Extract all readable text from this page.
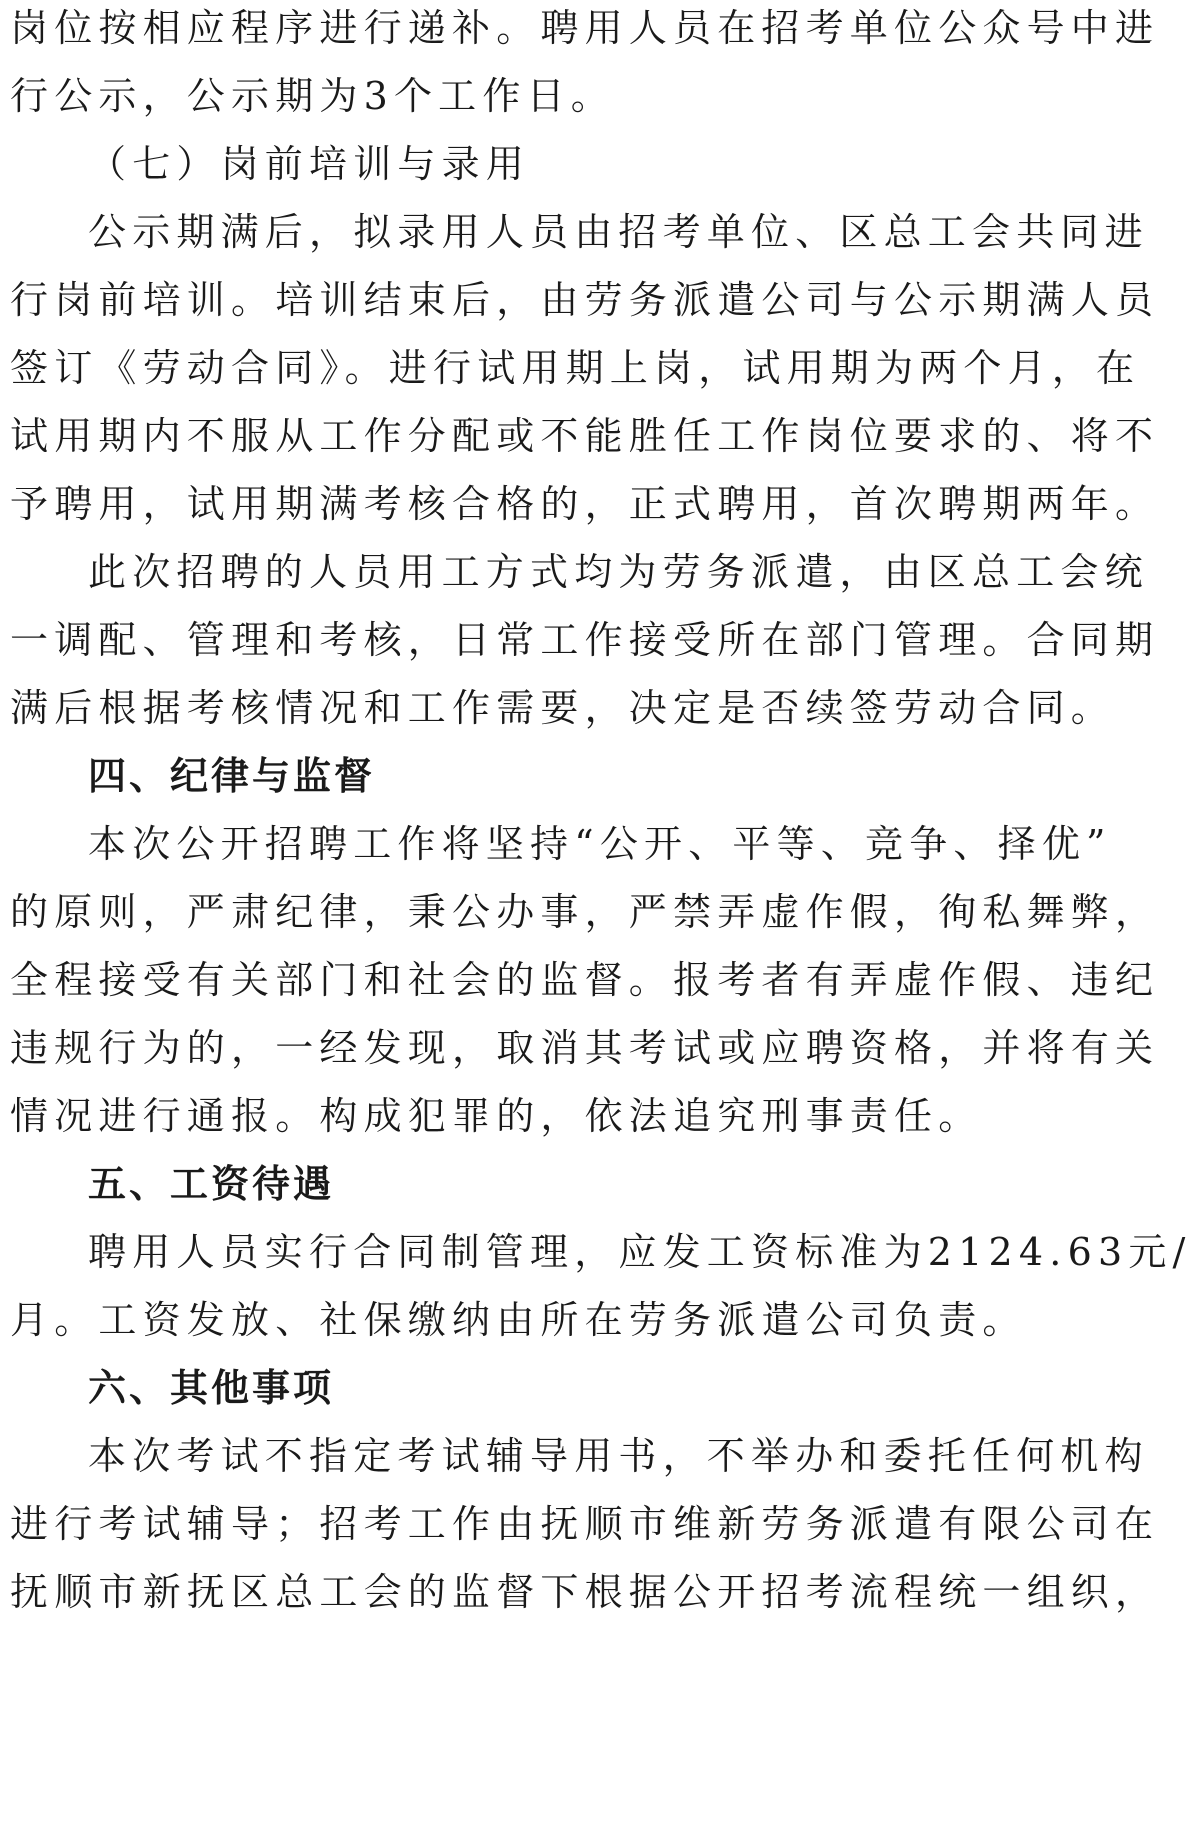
岗位按相应程序进行递补。聘用人员在招考单位公众号中进
行公示，公示期为3个工作日。
（七）岗前培训与录用
公示期满后，拟录用人员由招考单位、区总工会共同进
行岗前培训。培训结束后，由劳务派遣公司与公示期满人员
签订《劳动合同》。进行试用期上岗，试用期为两个月，在
试用期内不服从工作分配或不能胜任工作岗位要求的、将不
予聘用，试用期满考核合格的，正式聘用，首次聘期两年。
此次招聘的人员用工方式均为劳务派遣，由区总工会统
一调配、管理和考核，日常工作接受所在部门管理。合同期
满后根据考核情况和工作需要，决定是否续签劳动合同。
四、纪律与监督
本次公开招聘工作将坚持“公开、平等、竞争、择优”
的原则，严肃纪律，秉公办事，严禁弄虚作假，徇私舞弊，
全程接受有关部门和社会的监督。报考者有弄虚作假、违纪
违规行为的，一经发现，取消其考试或应聘资格，并将有关
情况进行通报。构成犯罪的，依法追究刑事责任。
五、工资待遇
聘用人员实行合同制管理，应发工资标准为2124.63元/
月。工资发放、社保缴纳由所在劳务派遣公司负责。
六、其他事项
本次考试不指定考试辅导用书，不举办和委托任何机构
进行考试辅导；招考工作由抚顺市维新劳务派遣有限公司在
抚顺市新抚区总工会的监督下根据公开招考流程统一组织，
